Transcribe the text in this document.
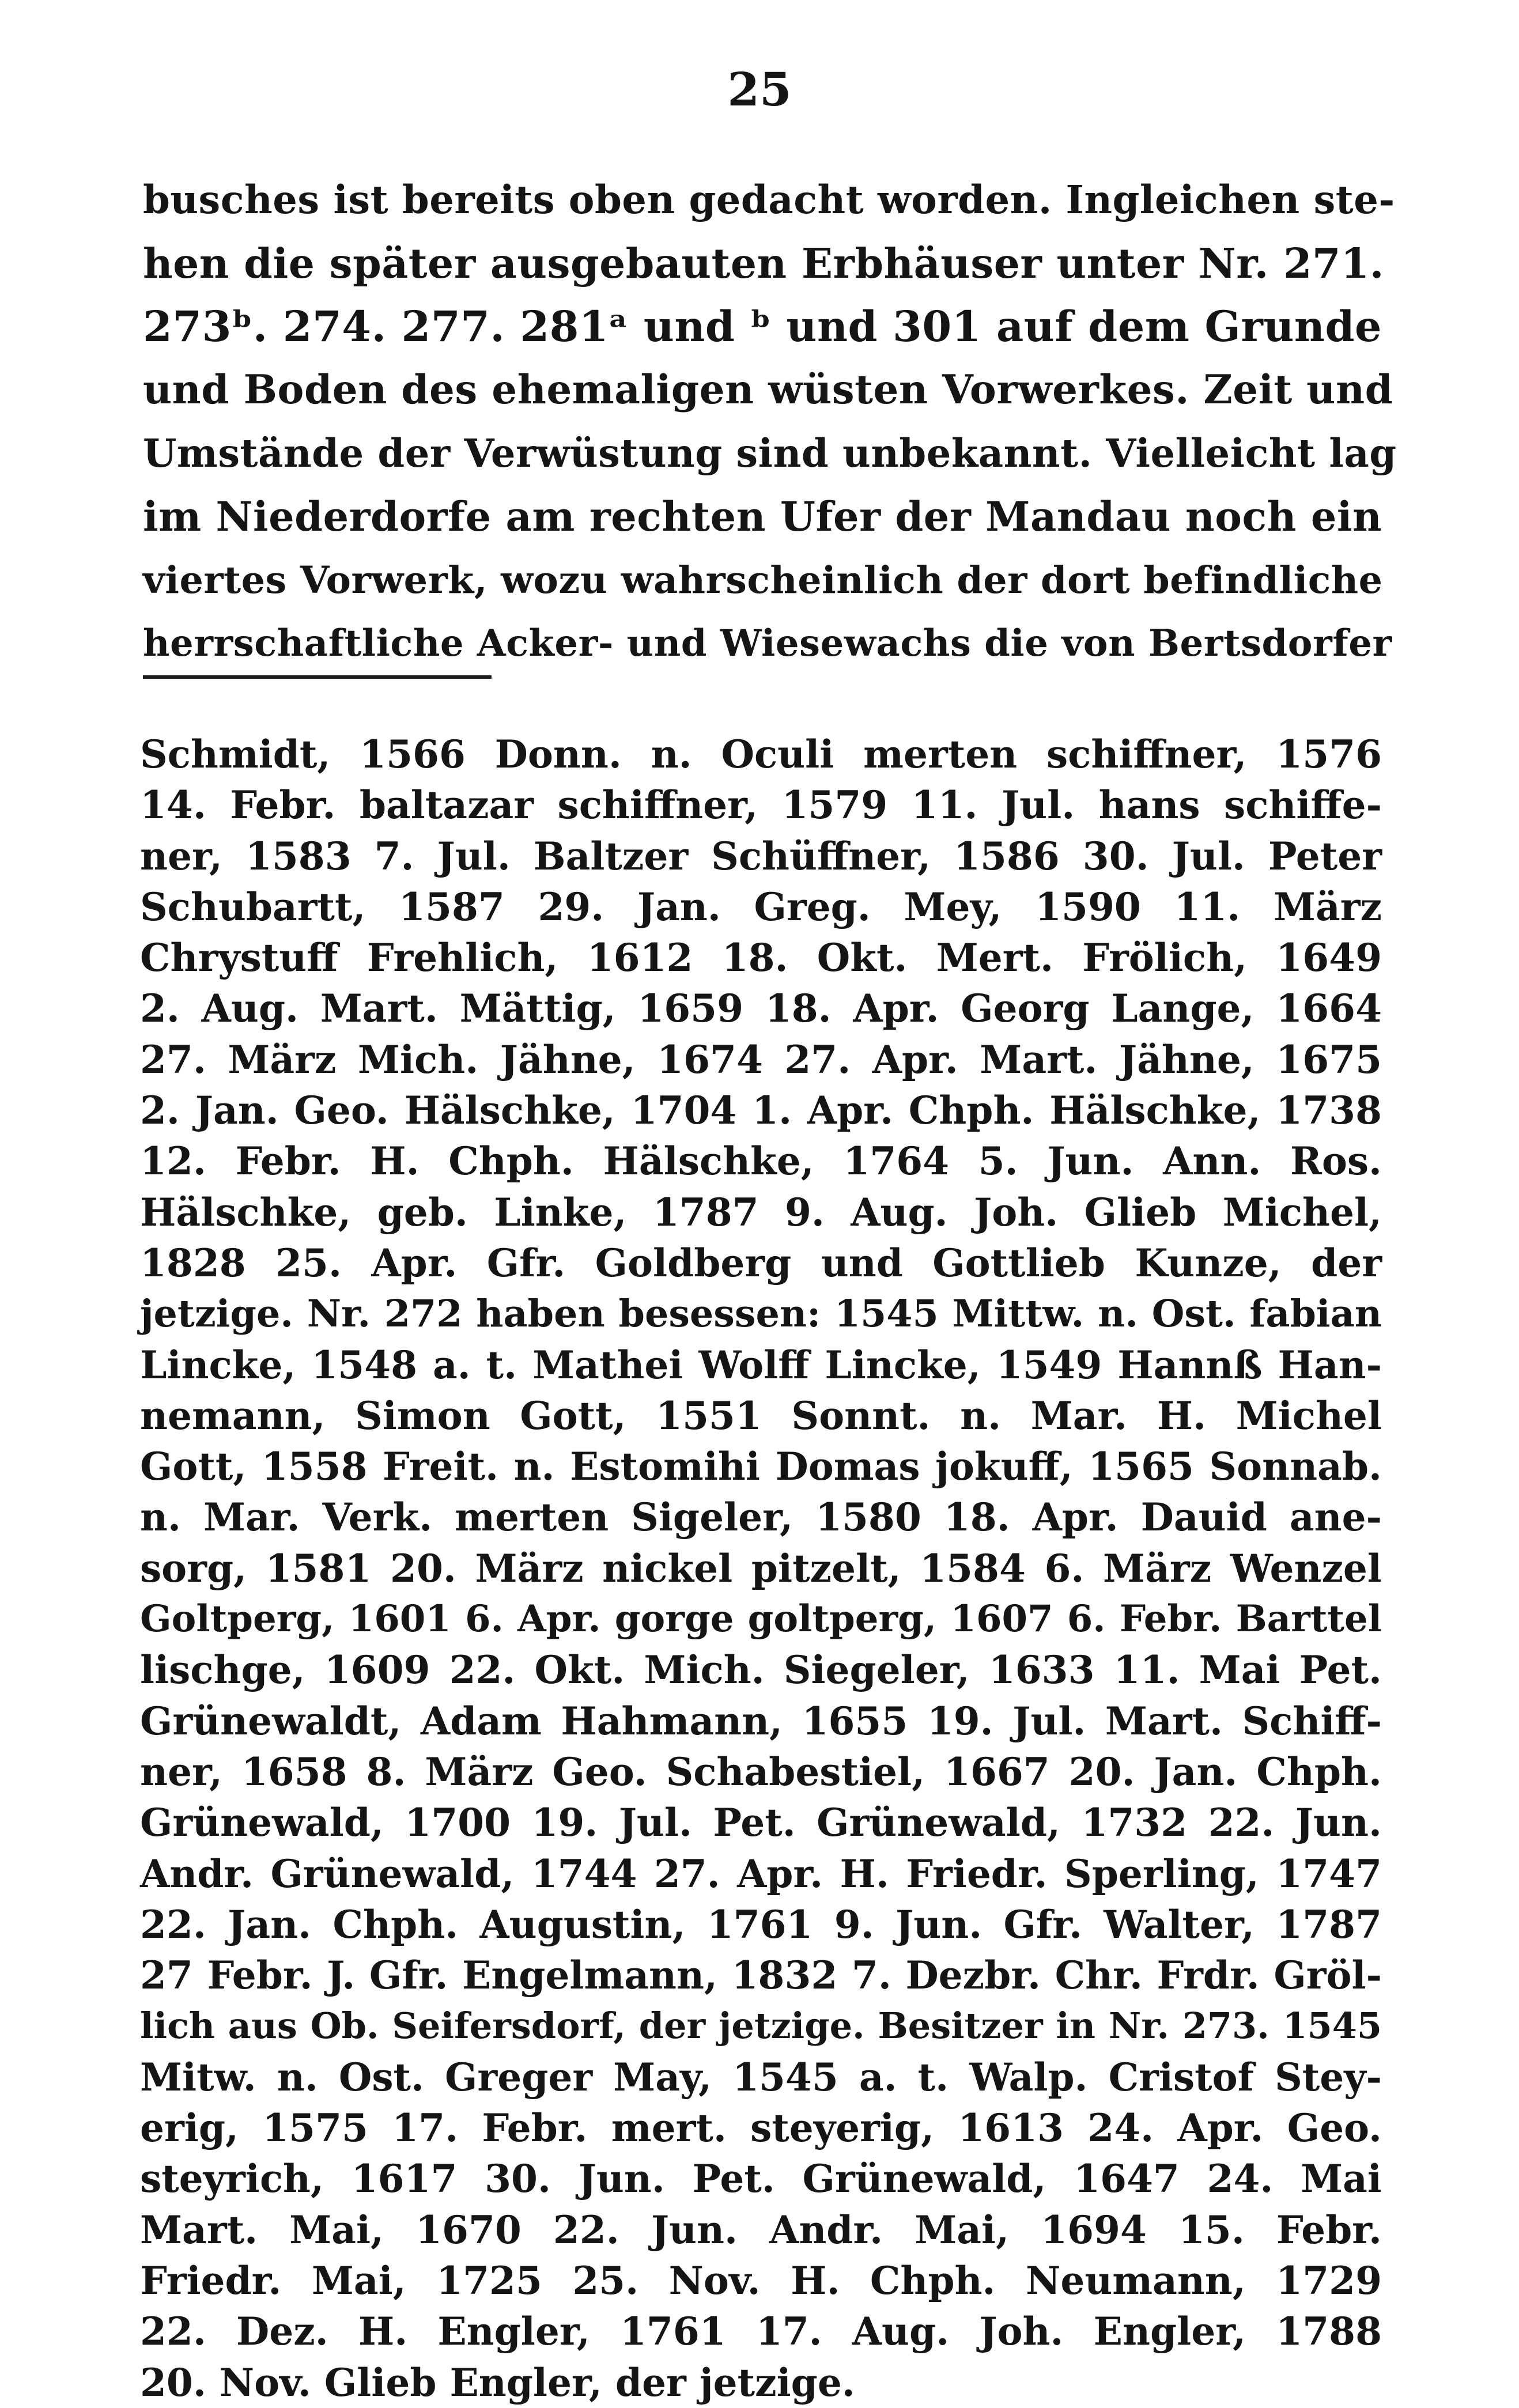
25
busches ist bereits oben gedacht worden. Ingleichen ste-
hen die später ausgebauten Erbhäuser unter Nr. 271.
273ᵇ. 274. 277. 281ᵃ und ᵇ und 301 auf dem Grunde
und Boden des ehemaligen wüsten Vorwerkes. Zeit und
Umstände der Verwüstung sind unbekannt. Vielleicht lag
im Niederdorfe am rechten Ufer der Mandau noch ein
viertes Vorwerk, wozu wahrscheinlich der dort befindliche
herrschaftliche Acker- und Wiesewachs die von Bertsdorfer
Schmidt, 1566 Donn. n. Oculi merten schiffner, 1576
14. Febr. baltazar schiffner, 1579 11. Jul. hans schiffe-
ner, 1583 7. Jul. Baltzer Schüffner, 1586 30. Jul. Peter
Schubartt, 1587 29. Jan. Greg. Mey, 1590 11. März
Chrystuff Frehlich, 1612 18. Okt. Mert. Frölich, 1649
2. Aug. Mart. Mättig, 1659 18. Apr. Georg Lange, 1664
27. März Mich. Jähne, 1674 27. Apr. Mart. Jähne, 1675
2. Jan. Geo. Hälschke, 1704 1. Apr. Chph. Hälschke, 1738
12. Febr. H. Chph. Hälschke, 1764 5. Jun. Ann. Ros.
Hälschke, geb. Linke, 1787 9. Aug. Joh. Glieb Michel,
1828 25. Apr. Gfr. Goldberg und Gottlieb Kunze, der
jetzige. Nr. 272 haben besessen: 1545 Mittw. n. Ost. fabian
Lincke, 1548 a. t. Mathei Wolff Lincke, 1549 Hannß Han-
nemann, Simon Gott, 1551 Sonnt. n. Mar. H. Michel
Gott, 1558 Freit. n. Estomihi Domas jokuff, 1565 Sonnab.
n. Mar. Verk. merten Sigeler, 1580 18. Apr. Dauid ane-
sorg, 1581 20. März nickel pitzelt, 1584 6. März Wenzel
Goltperg, 1601 6. Apr. gorge goltperg, 1607 6. Febr. Barttel
lischge, 1609 22. Okt. Mich. Siegeler, 1633 11. Mai Pet.
Grünewaldt, Adam Hahmann, 1655 19. Jul. Mart. Schiff-
ner, 1658 8. März Geo. Schabestiel, 1667 20. Jan. Chph.
Grünewald, 1700 19. Jul. Pet. Grünewald, 1732 22. Jun.
Andr. Grünewald, 1744 27. Apr. H. Friedr. Sperling, 1747
22. Jan. Chph. Augustin, 1761 9. Jun. Gfr. Walter, 1787
27 Febr. J. Gfr. Engelmann, 1832 7. Dezbr. Chr. Frdr. Gröl-
lich aus Ob. Seifersdorf, der jetzige. Besitzer in Nr. 273. 1545
Mitw. n. Ost. Greger May, 1545 a. t. Walp. Cristof Stey-
erig, 1575 17. Febr. mert. steyerig, 1613 24. Apr. Geo.
steyrich, 1617 30. Jun. Pet. Grünewald, 1647 24. Mai
Mart. Mai, 1670 22. Jun. Andr. Mai, 1694 15. Febr.
Friedr. Mai, 1725 25. Nov. H. Chph. Neumann, 1729
22. Dez. H. Engler, 1761 17. Aug. Joh. Engler, 1788
20. Nov. Glieb Engler, der jetzige.
